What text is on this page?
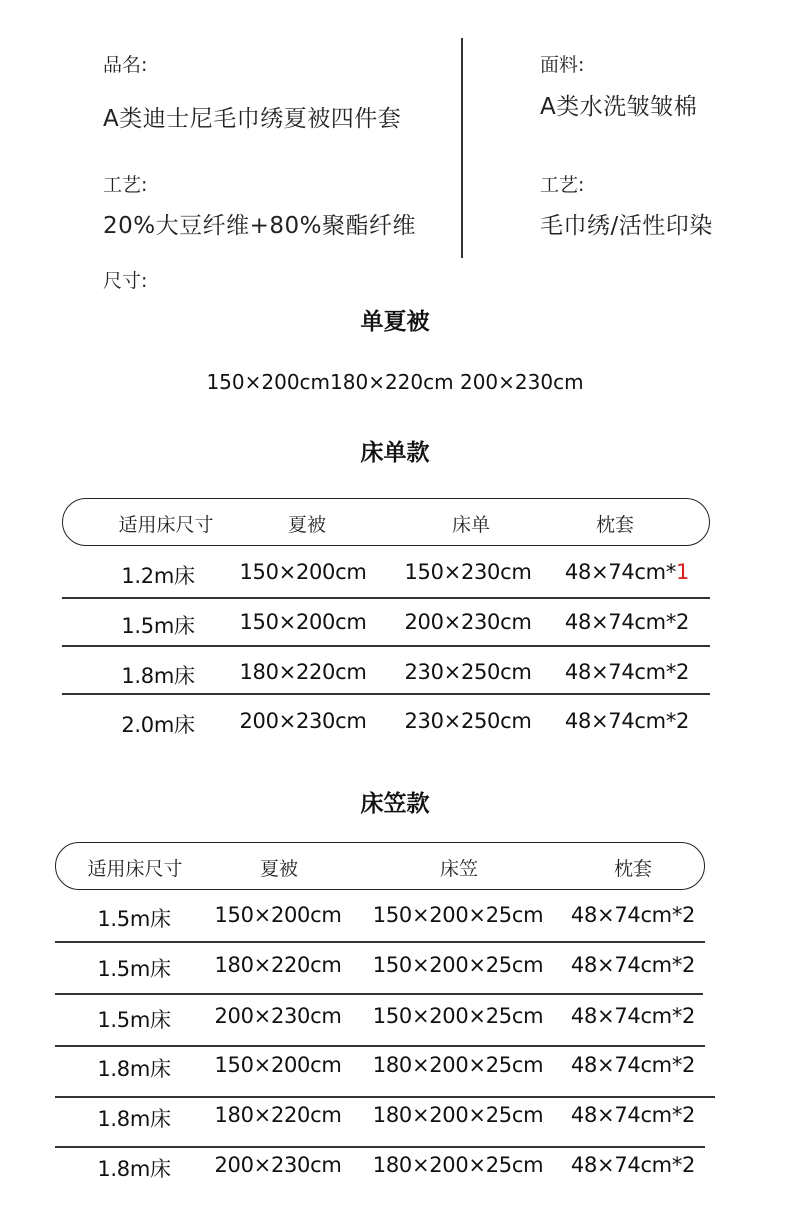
品名:
A类迪士尼毛巾绣夏被四件套
面料:
A类水洗皱皱棉
工艺:
20%大豆纤维+80%聚酯纤维
工艺:
毛巾绣/活性印染
尺寸:
单夏被
150×200cm180×220cm 200×230cm
床单款
适用床尺寸	夏被	床单	枕套
1.2m床 150×200cm 150×230cm 48×74cm*1
1.5m床 150×200cm 200×230cm 48×74cm*2
1.8m床 180×220cm 230×250cm 48×74cm*2
2.0m床 200×230cm 230×250cm 48×74cm*2
床笠款
适用床尺寸	夏被	床笠	枕套
1.5m床 150×200cm 150×200×25cm 48×74cm*2
1.5m床 180×220cm 150×200×25cm 48×74cm*2
1.5m床 200×230cm 150×200×25cm 48×74cm*2
1.8m床 150×200cm 180×200×25cm 48×74cm*2
1.8m床 180×220cm 180×200×25cm 48×74cm*2
1.8m床 200×230cm 180×200×25cm 48×74cm*2
